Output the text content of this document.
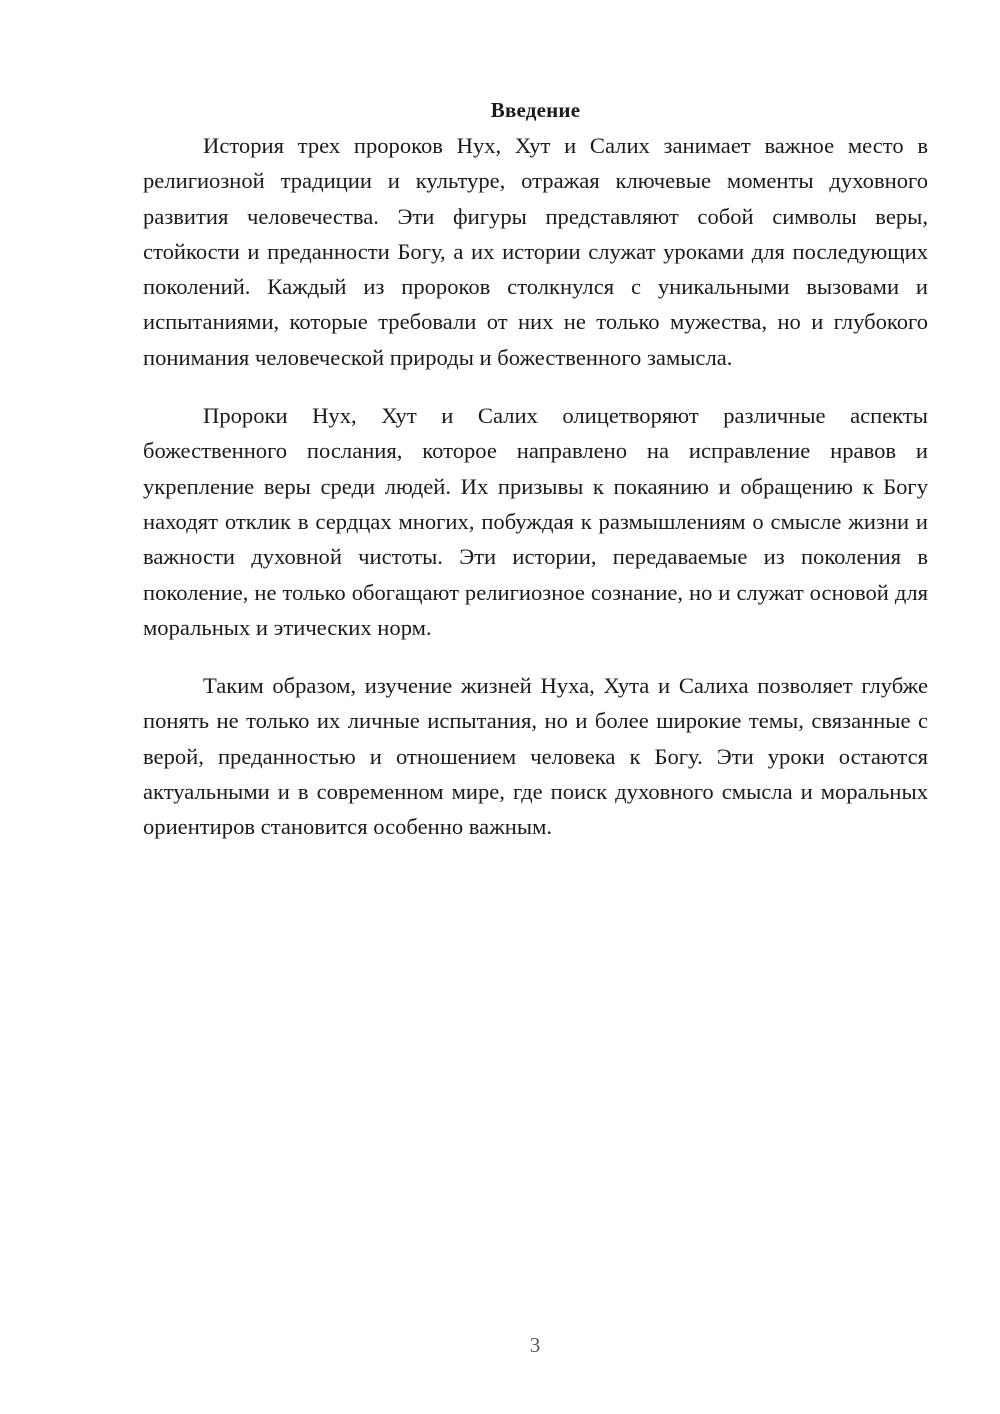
Введение

История трех пророков Нух, Хут и Салих занимает важное место в религиозной традиции и культуре, отражая ключевые моменты духовного развития человечества. Эти фигуры представляют собой символы веры, стойкости и преданности Богу, а их истории служат уроками для последующих поколений. Каждый из пророков столкнулся с уникальными вызовами и испытаниями, которые требовали от них не только мужества, но и глубокого понимания человеческой природы и божественного замысла.

Пророки Нух, Хут и Салих олицетворяют различные аспекты божественного послания, которое направлено на исправление нравов и укрепление веры среди людей. Их призывы к покаянию и обращению к Богу находят отклик в сердцах многих, побуждая к размышлениям о смысле жизни и важности духовной чистоты. Эти истории, передаваемые из поколения в поколение, не только обогащают религиозное сознание, но и служат основой для моральных и этических норм.

Таким образом, изучение жизней Нуха, Хута и Салиха позволяет глубже понять не только их личные испытания, но и более широкие темы, связанные с верой, преданностью и отношением человека к Богу. Эти уроки остаются актуальными и в современном мире, где поиск духовного смысла и моральных ориентиров становится особенно важным.

3
